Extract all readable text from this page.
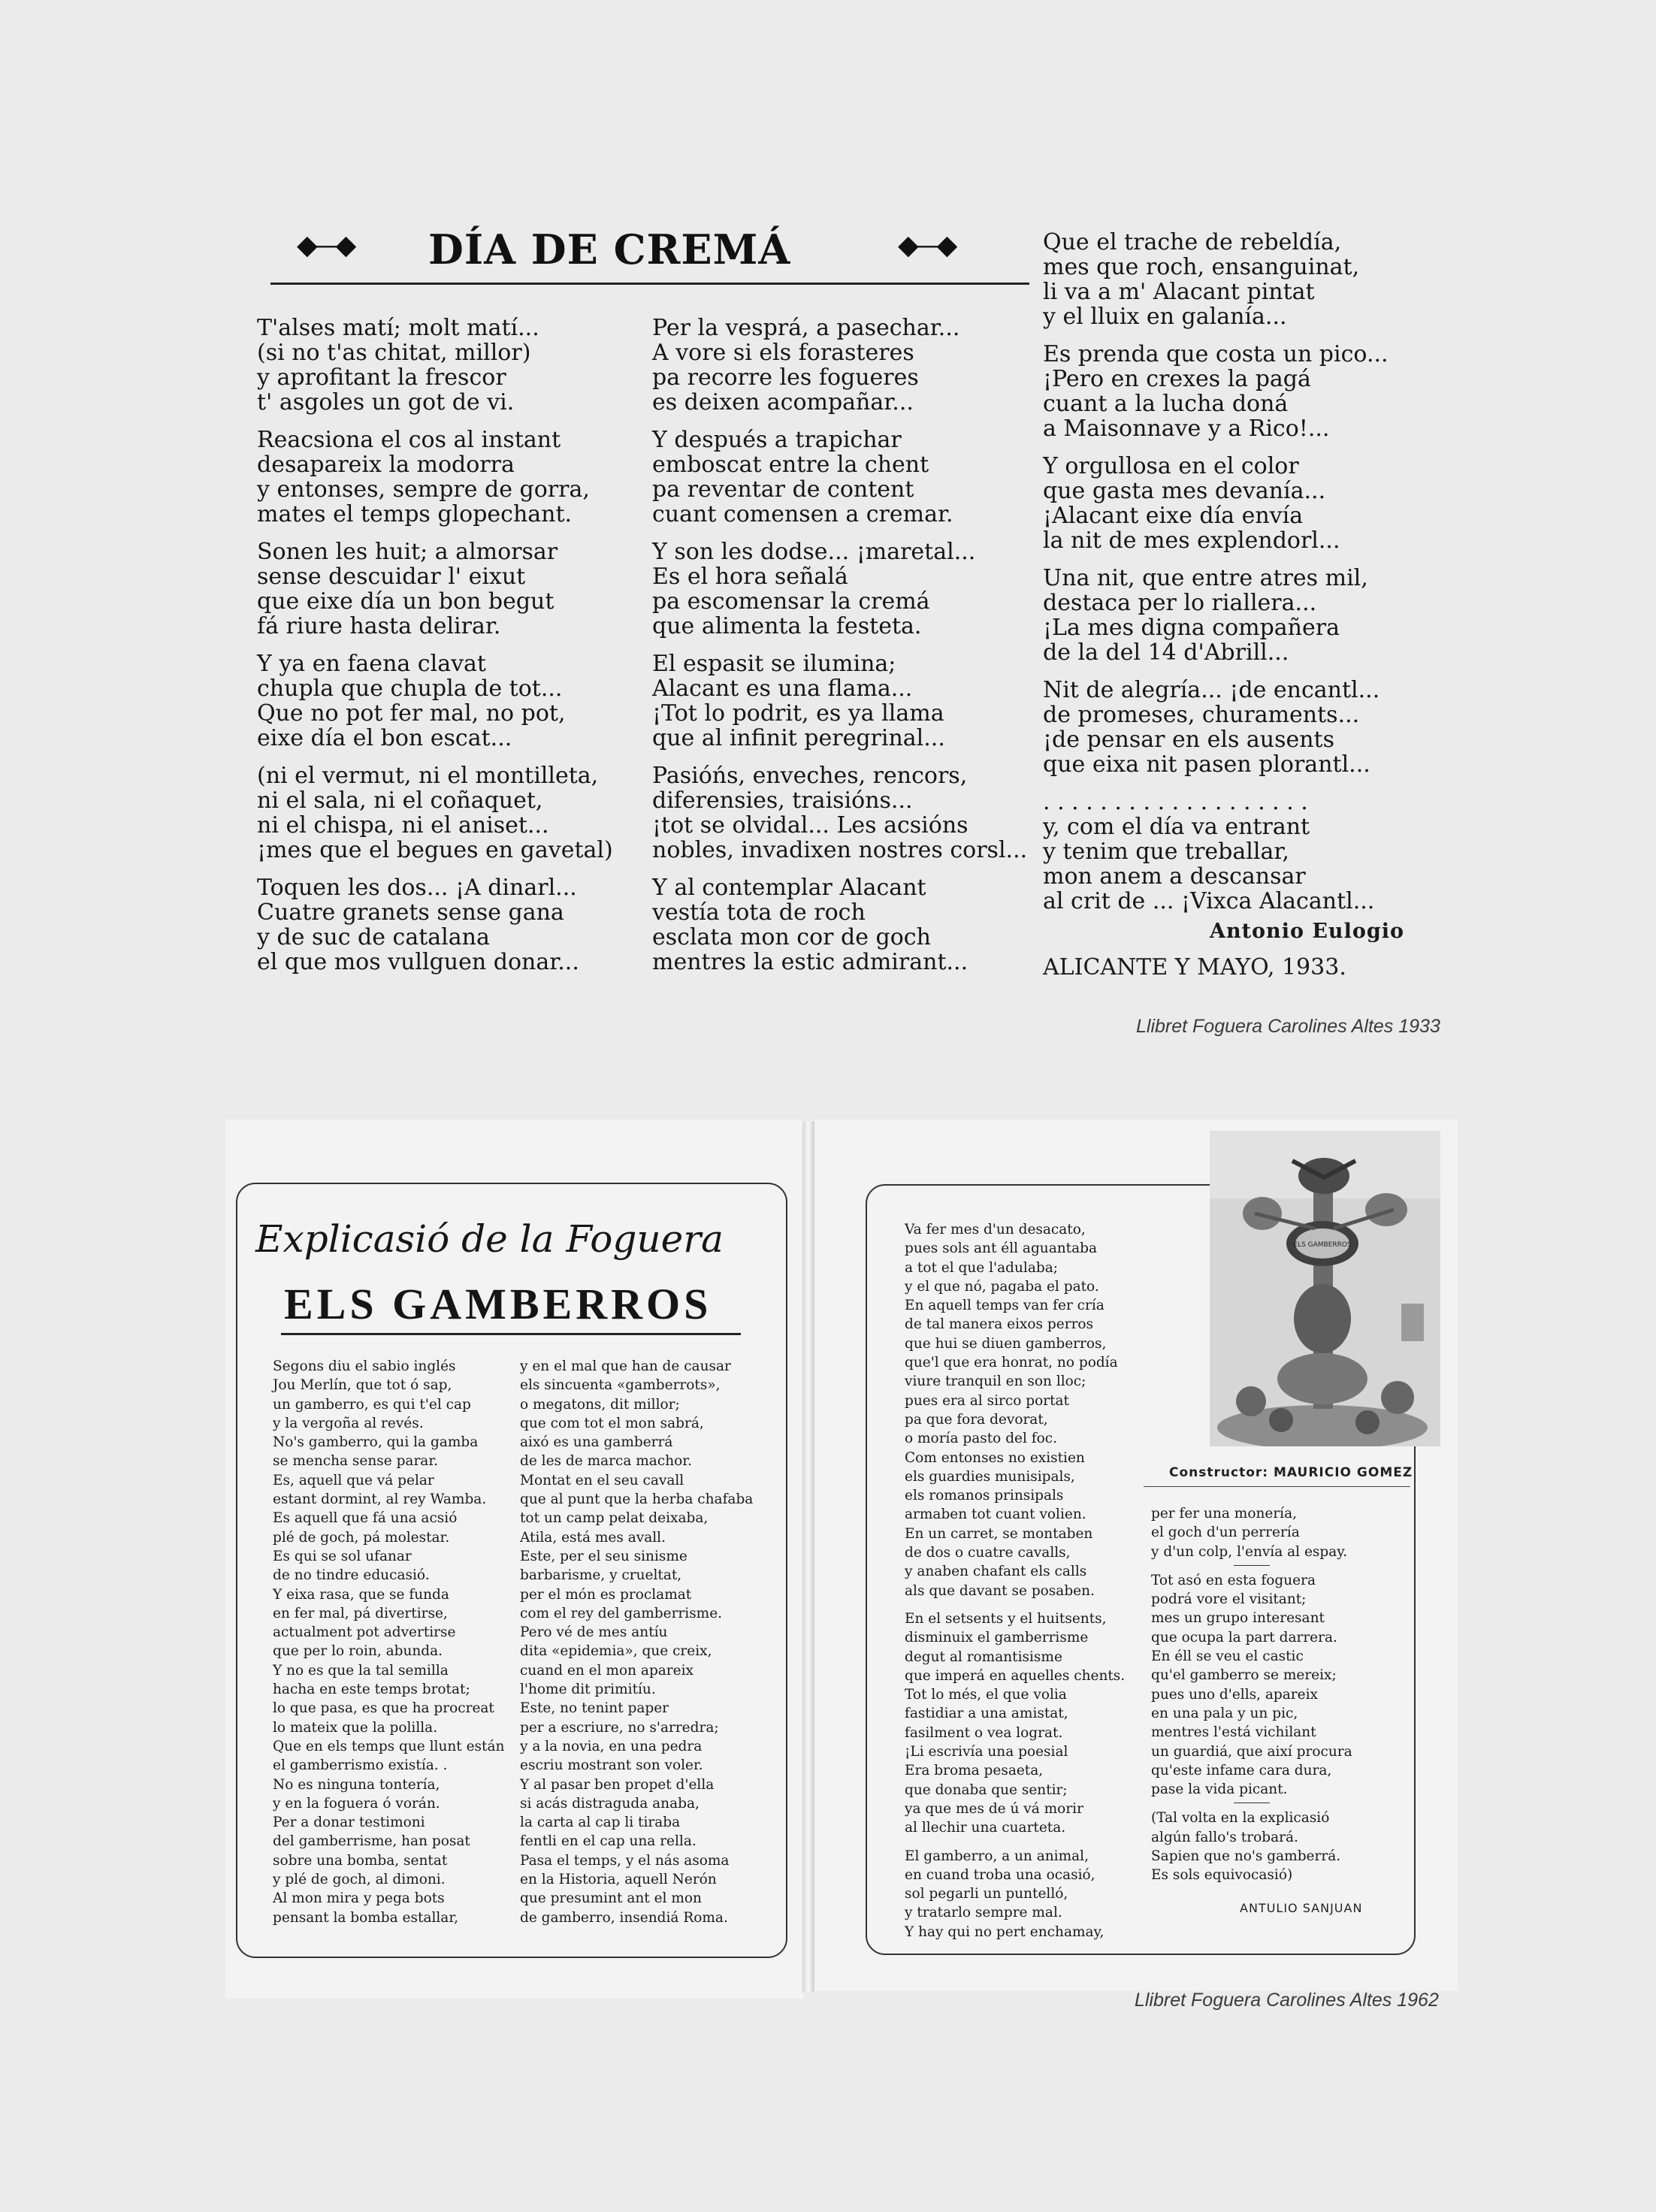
◆—◆ DÍA DE CREMÁ	◆—◆
T'alses matí; molt matí...
(si no t'as chitat, millor)
y aprofitant la frescor
t' asgoles un got de vi.
Reacsiona el cos al instant
desapareix la modorra
y entonses, sempre de gorra,
mates el temps glopechant.
Sonen les huit; a almorsar
sense descuidar l' eixut
que eixe día un bon begut
fá riure hasta delirar.
Y ya en faena clavat
chupla que chupla de tot...
Que no pot fer mal, no pot,
eixe día el bon escat...
(ni el vermut, ni el montilleta,
ni el sala, ni el coñaquet,
ni el chispa, ni el aniset...
¡mes que el begues en gavetal)
Toquen les dos... ¡A dinarl...
Cuatre granets sense gana
y de suc de catalana
el que mos vullguen donar...
Per la vesprá, a pasechar...
A vore si els forasteres
pa recorre les fogueres
es deixen acompañar...
Y después a trapichar
emboscat entre la chent
pa reventar de content
cuant comensen a cremar.
Y son les dodse... ¡maretal...
Es el hora señalá
pa escomensar la cremá
que alimenta la festeta.
El espasit se ilumina;
Alacant es una flama...
¡Tot lo podrit, es ya llama
que al infinit peregrinal...
Pasióńs, enveches, rencors,
diferensies, traisións...
¡tot se olvidal... Les acsións
nobles, invadixen nostres corsl...
Y al contemplar Alacant
vestía tota de roch
esclata mon cor de goch
mentres la estic admirant...
Que el trache de rebeldía,
mes que roch, ensanguinat,
li va a m' Alacant pintat
y el lluix en galanía...
Es prenda que costa un pico...
¡Pero en crexes la pagá
cuant a la lucha doná
a Maisonnave y a Rico!...
Y orgullosa en el color
que gasta mes devanía...
¡Alacant eixe día envía
la nit de mes explendorl...
Una nit, que entre atres mil,
destaca per lo riallera...
¡La mes digna compañera
de la del 14 d'Abrill...
Nit de alegría... ¡de encantl...
de promeses, churaments...
¡de pensar en els ausents
que eixa nit pasen plorantl...
. . . . . . . . . . . . . . . . . . .
y, com el día va entrant
y tenim que treballar,
mon anem a descansar
al crit de ... ¡Vixca Alacantl...
Antonio Eulogio
ALICANTE Y MAYO, 1933.
Llibret Foguera Carolines Altes 1933
Explicasió de la Foguera
ELS GAMBERROS
Segons diu el sabio inglés
Jou Merlín, que tot ó sap,
un gamberro, es qui t'el cap
y la vergoña al revés.
No's gamberro, qui la gamba
se mencha sense parar.
Es, aquell que vá pelar
estant dormint, al rey Wamba.
Es aquell que fá una acsió
plé de goch, pá molestar.
Es qui se sol ufanar
de no tindre educasió.
Y eixa rasa, que se funda
en fer mal, pá divertirse,
actualment pot advertirse
que per lo roin, abunda.
Y no es que la tal semilla
hacha en este temps brotat;
lo que pasa, es que ha procreat
lo mateix que la polilla.
Que en els temps que llunt están
el gamberrismo existía. .
No es ninguna tontería,
y en la foguera ó vorán.
Per a donar testimoni
del gamberrisme, han posat
sobre una bomba, sentat
y plé de goch, al dimoni.
Al mon mira y pega bots
pensant la bomba estallar,
y en el mal que han de causar
els sincuenta «gamberrots»,
o megatons, dit millor;
que com tot el mon sabrá,
aixó es una gamberrá
de les de marca machor.
Montat en el seu cavall
que al punt que la herba chafaba
tot un camp pelat deixaba,
Atila, está mes avall.
Este, per el seu sinisme
barbarisme, y crueltat,
per el món es proclamat
com el rey del gamberrisme.
Pero vé de mes antíu
dita «epidemia», que creix,
cuand en el mon apareix
l'home dit primitíu.
Este, no tenint paper
per a escriure, no s'arredra;
y a la novia, en una pedra
escriu mostrant son voler.
Y al pasar ben propet d'ella
si acás distraguda anaba,
la carta al cap li tiraba
fentli en el cap una rella.
Pasa el temps, y el nás asoma
en la Historia, aquell Nerón
que presumint ant el mon
de gamberro, insendiá Roma.
Va fer mes d'un desacato,
pues sols ant éll aguantaba
a tot el que l'adulaba;
y el que nó, pagaba el pato.
En aquell temps van fer cría
de tal manera eixos perros
que hui se diuen gamberros,
que'l que era honrat, no podía
viure tranquil en son lloc;
pues era al sirco portat
pa que fora devorat,
o moría pasto del foc.
Com entonses no existien
els guardies munisipals,
els romanos prinsipals
armaben tot cuant volien.
En un carret, se montaben
de dos o cuatre cavalls,
y anaben chafant els calls
als que davant se posaben.
En el setsents y el huitsents,
disminuix el gamberrisme
degut al romantisisme
que imperá en aquelles chents.
Tot lo més, el que volia
fastidiar a una amistat,
fasilment o vea lograt.
¡Li escrivía una poesial
Era broma pesaeta,
que donaba que sentir;
ya que mes de ú vá morir
al llechir una cuarteta.
El gamberro, a un animal,
en cuand troba una ocasió,
sol pegarli un puntelló,
y tratarlo sempre mal.
Y hay qui no pert enchamay,
per fer una monería,
el goch d'un perrería
y d'un colp, l'envía al espay.
Tot asó en esta foguera
podrá vore el visitant;
mes un grupo interesant
que ocupa la part darrera.
En éll se veu el castic
qu'el gamberro se mereix;
pues uno d'ells, apareix
en una pala y un pic,
mentres l'está vichilant
un guardiá, que així procura
qu'este infame cara dura,
pase la vida picant.
(Tal volta en la explicasió
algún fallo's trobará.
Sapien que no's gamberrá.
Es sols equivocasió)
ELS GAMBERROS
Constructor: MAURICIO GOMEZ
ANTULIO SANJUAN
Llibret Foguera Carolines Altes 1962
